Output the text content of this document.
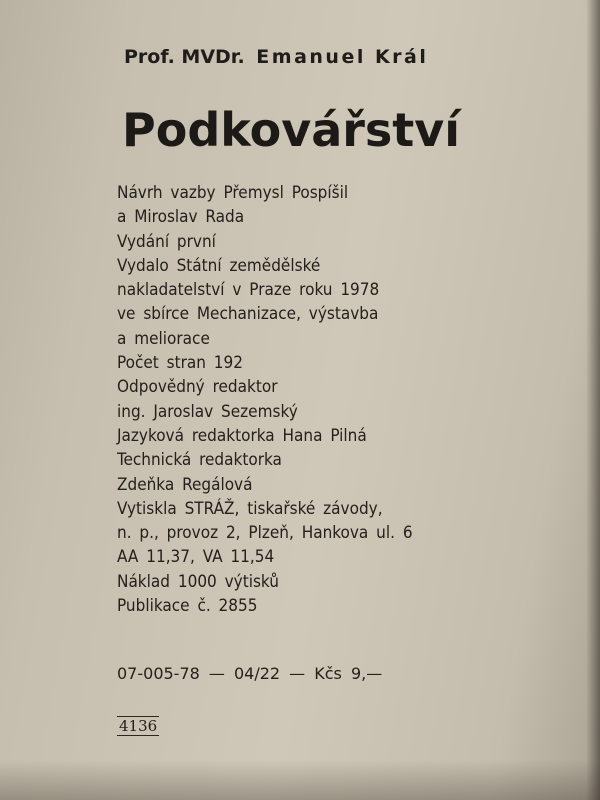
Prof. MVDr. Emanuel Král
Podkovářství
Návrh vazby Přemysl Pospíšil
a Miroslav Rada
Vydání první
Vydalo Státní zemědělské
nakladatelství v Praze roku 1978
ve sbírce Mechanizace, výstavba
a meliorace
Počet stran 192
Odpovědný redaktor
ing. Jaroslav Sezemský
Jazyková redaktorka Hana Pilná
Technická redaktorka
Zdeňka Regálová
Vytiskla STRÁŽ, tiskařské závody,
n. p., provoz 2, Plzeň, Hankova ul. 6
AA 11,37, VA 11,54
Náklad 1000 výtisků
Publikace č. 2855
07-005-78 — 04/22 — Kčs 9,—
4136
